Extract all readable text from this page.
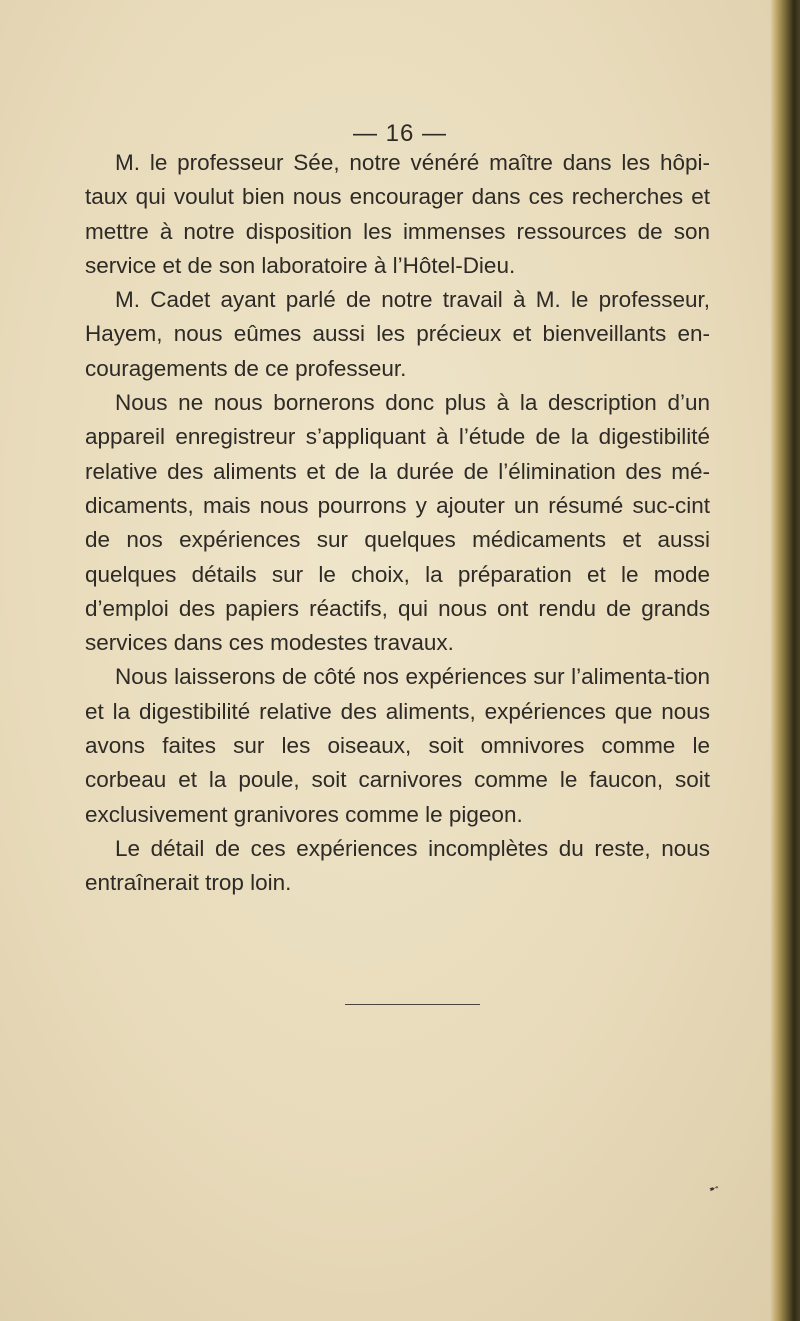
— 16 —

M. le professeur Sée, notre vénéré maître dans les hôpi-taux qui voulut bien nous encourager dans ces recherches et mettre à notre disposition les immenses ressources de son service et de son laboratoire à l’Hôtel-Dieu.

M. Cadet ayant parlé de notre travail à M. le professeur, Hayem, nous eûmes aussi les précieux et bienveillants en-couragements de ce professeur.

Nous ne nous bornerons donc plus à la description d’un appareil enregistreur s’appliquant à l’étude de la digestibilité relative des aliments et de la durée de l’élimination des mé-dicaments, mais nous pourrons y ajouter un résumé suc-cint de nos expériences sur quelques médicaments et aussi quelques détails sur le choix, la préparation et le mode d’emploi des papiers réactifs, qui nous ont rendu de grands services dans ces modestes travaux.

Nous laisserons de côté nos expériences sur l’alimenta-tion et la digestibilité relative des aliments, expériences que nous avons faites sur les oiseaux, soit omnivores comme le corbeau et la poule, soit carnivores comme le faucon, soit exclusivement granivores comme le pigeon.

Le détail de ces expériences incomplètes du reste, nous entraînerait trop loin.

➸
